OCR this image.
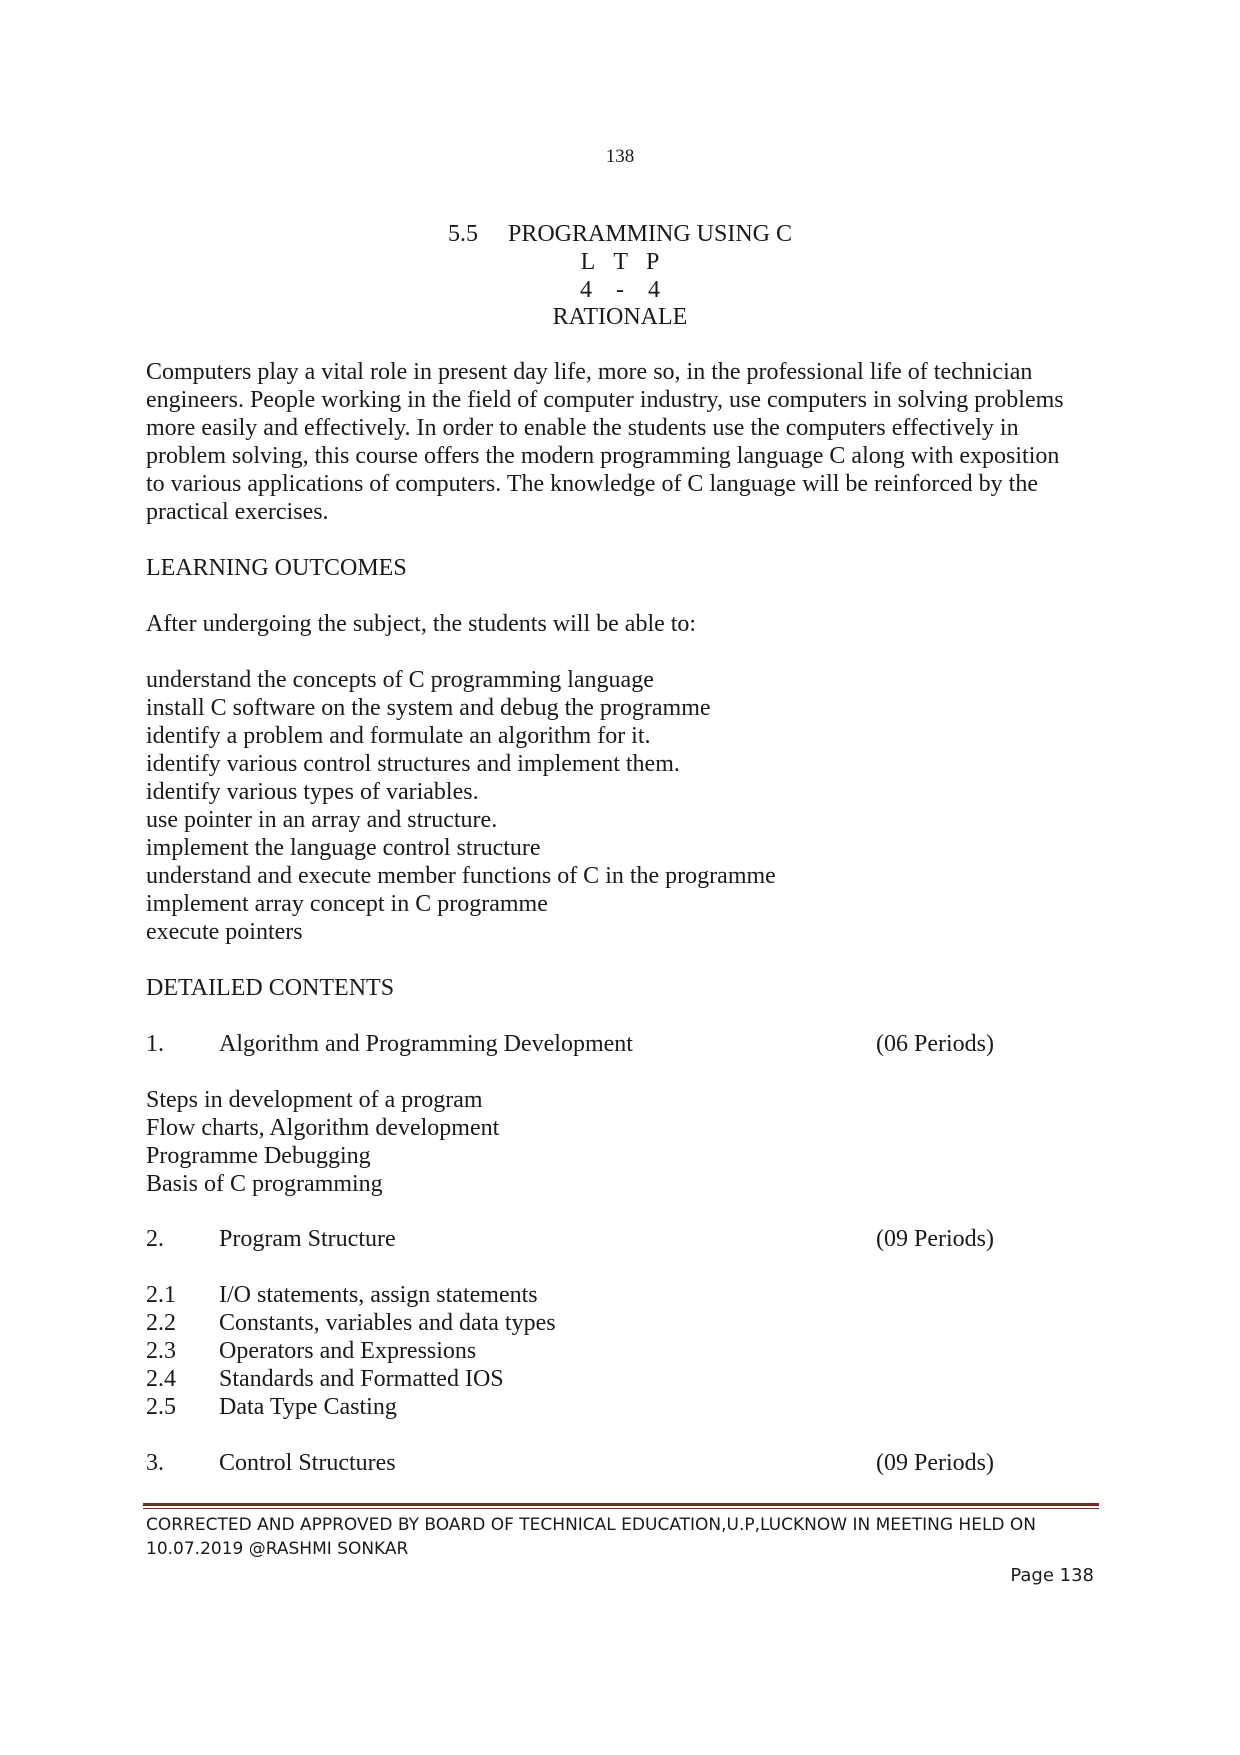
138
5.5 PROGRAMMING USING C
L T P
4 - 4
RATIONALE
Computers play a vital role in present day life, more so, in the professional life of technician
engineers. People working in the field of computer industry, use computers in solving problems
more easily and effectively. In order to enable the students use the computers effectively in
problem solving, this course offers the modern programming language C along with exposition
to various applications of computers. The knowledge of C language will be reinforced by the
practical exercises.
LEARNING OUTCOMES
After undergoing the subject, the students will be able to:
understand the concepts of C programming language
install C software on the system and debug the programme
identify a problem and formulate an algorithm for it.
identify various control structures and implement them.
identify various types of variables.
use pointer in an array and structure.
implement the language control structure
understand and execute member functions of C in the programme
implement array concept in C programme
execute pointers
DETAILED CONTENTS
1. Algorithm and Programming Development	(06 Periods)
Steps in development of a program
Flow charts, Algorithm development
Programme Debugging
Basis of C programming
2. Program Structure	(09 Periods)
2.1 I/O statements, assign statements
2.2 Constants, variables and data types
2.3 Operators and Expressions
2.4 Standards and Formatted IOS
2.5 Data Type Casting
3. Control Structures	(09 Periods)
CORRECTED AND APPROVED BY BOARD OF TECHNICAL EDUCATION,U.P,LUCKNOW IN MEETING HELD ON
10.07.2019 @RASHMI SONKAR
Page 138
